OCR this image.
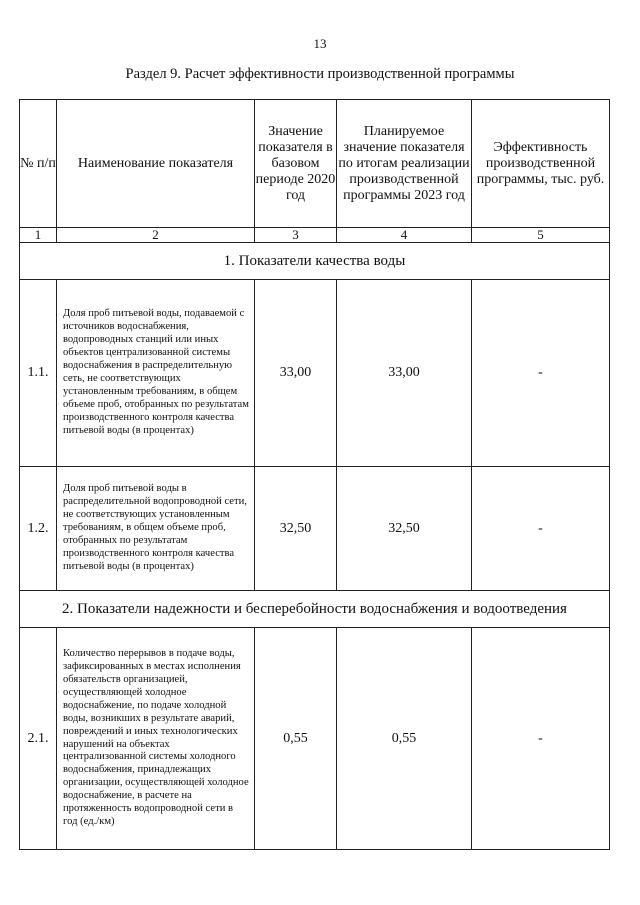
13
Раздел 9. Расчет эффективности производственной программы
№ п/п	Наименование показателя	Значение показателя в базовом периоде 2020 год	Планируемое значение показателя по итогам реализации производственной программы 2023 год	Эффективность производственной программы, тыс. руб.
1	2	3	4	5
1. Показатели качества воды				
1.1.	Доля проб питьевой воды, подаваемой с источников водоснабжения, водопроводных станций или иных объектов централизованной системы водоснабжения в распределительную сеть, не соответствующих установленным требованиям, в общем объеме проб, отобранных по результатам производственного контроля качества питьевой воды (в процентах)	33,00	33,00	-
1.2.	Доля проб питьевой воды в распределительной водопроводной сети, не соответствующих установленным требованиям, в общем объеме проб, отобранных по результатам производственного контроля качества питьевой воды (в процентах)	32,50	32,50	-
2. Показатели надежности и бесперебойности водоснабжения и водоотведения				
2.1.	Количество перерывов в подаче воды, зафиксированных в местах исполнения обязательств организацией, осуществляющей холодное водоснабжение, по подаче холодной воды, возникших в результате аварий, повреждений и иных технологических нарушений на объектах централизованной системы холодного водоснабжения, принадлежащих организации, осуществляющей холодное водоснабжение, в расчете на протяженность водопроводной сети в год (ед./км)	0,55	0,55	-
